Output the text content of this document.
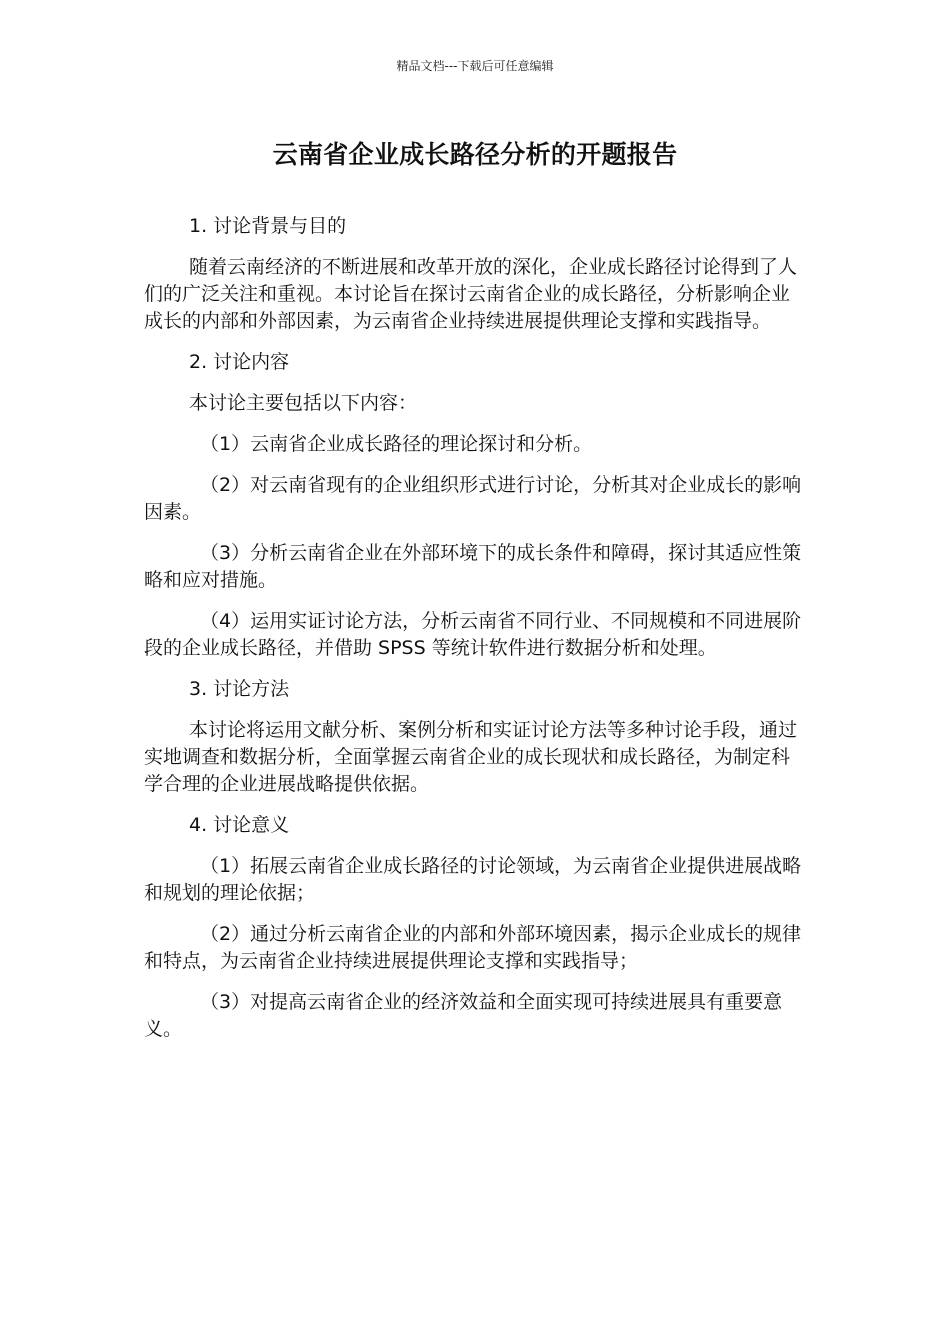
精品文档---下载后可任意编辑
云南省企业成长路径分析的开题报告
1. 讨论背景与目的
随着云南经济的不断进展和改革开放的深化，企业成长路径讨论得到了人们的广泛关注和重视。本讨论旨在探讨云南省企业的成长路径，分析影响企业成长的内部和外部因素，为云南省企业持续进展提供理论支撑和实践指导。
2. 讨论内容
本讨论主要包括以下内容：
（1）云南省企业成长路径的理论探讨和分析。
（2）对云南省现有的企业组织形式进行讨论，分析其对企业成长的影响因素。
（3）分析云南省企业在外部环境下的成长条件和障碍，探讨其适应性策略和应对措施。
（4）运用实证讨论方法，分析云南省不同行业、不同规模和不同进展阶段的企业成长路径，并借助 SPSS 等统计软件进行数据分析和处理。
3. 讨论方法
本讨论将运用文献分析、案例分析和实证讨论方法等多种讨论手段，通过实地调查和数据分析，全面掌握云南省企业的成长现状和成长路径，为制定科学合理的企业进展战略提供依据。
4. 讨论意义
（1）拓展云南省企业成长路径的讨论领域，为云南省企业提供进展战略和规划的理论依据；
（2）通过分析云南省企业的内部和外部环境因素，揭示企业成长的规律和特点，为云南省企业持续进展提供理论支撑和实践指导；
（3）对提高云南省企业的经济效益和全面实现可持续进展具有重要意义。
